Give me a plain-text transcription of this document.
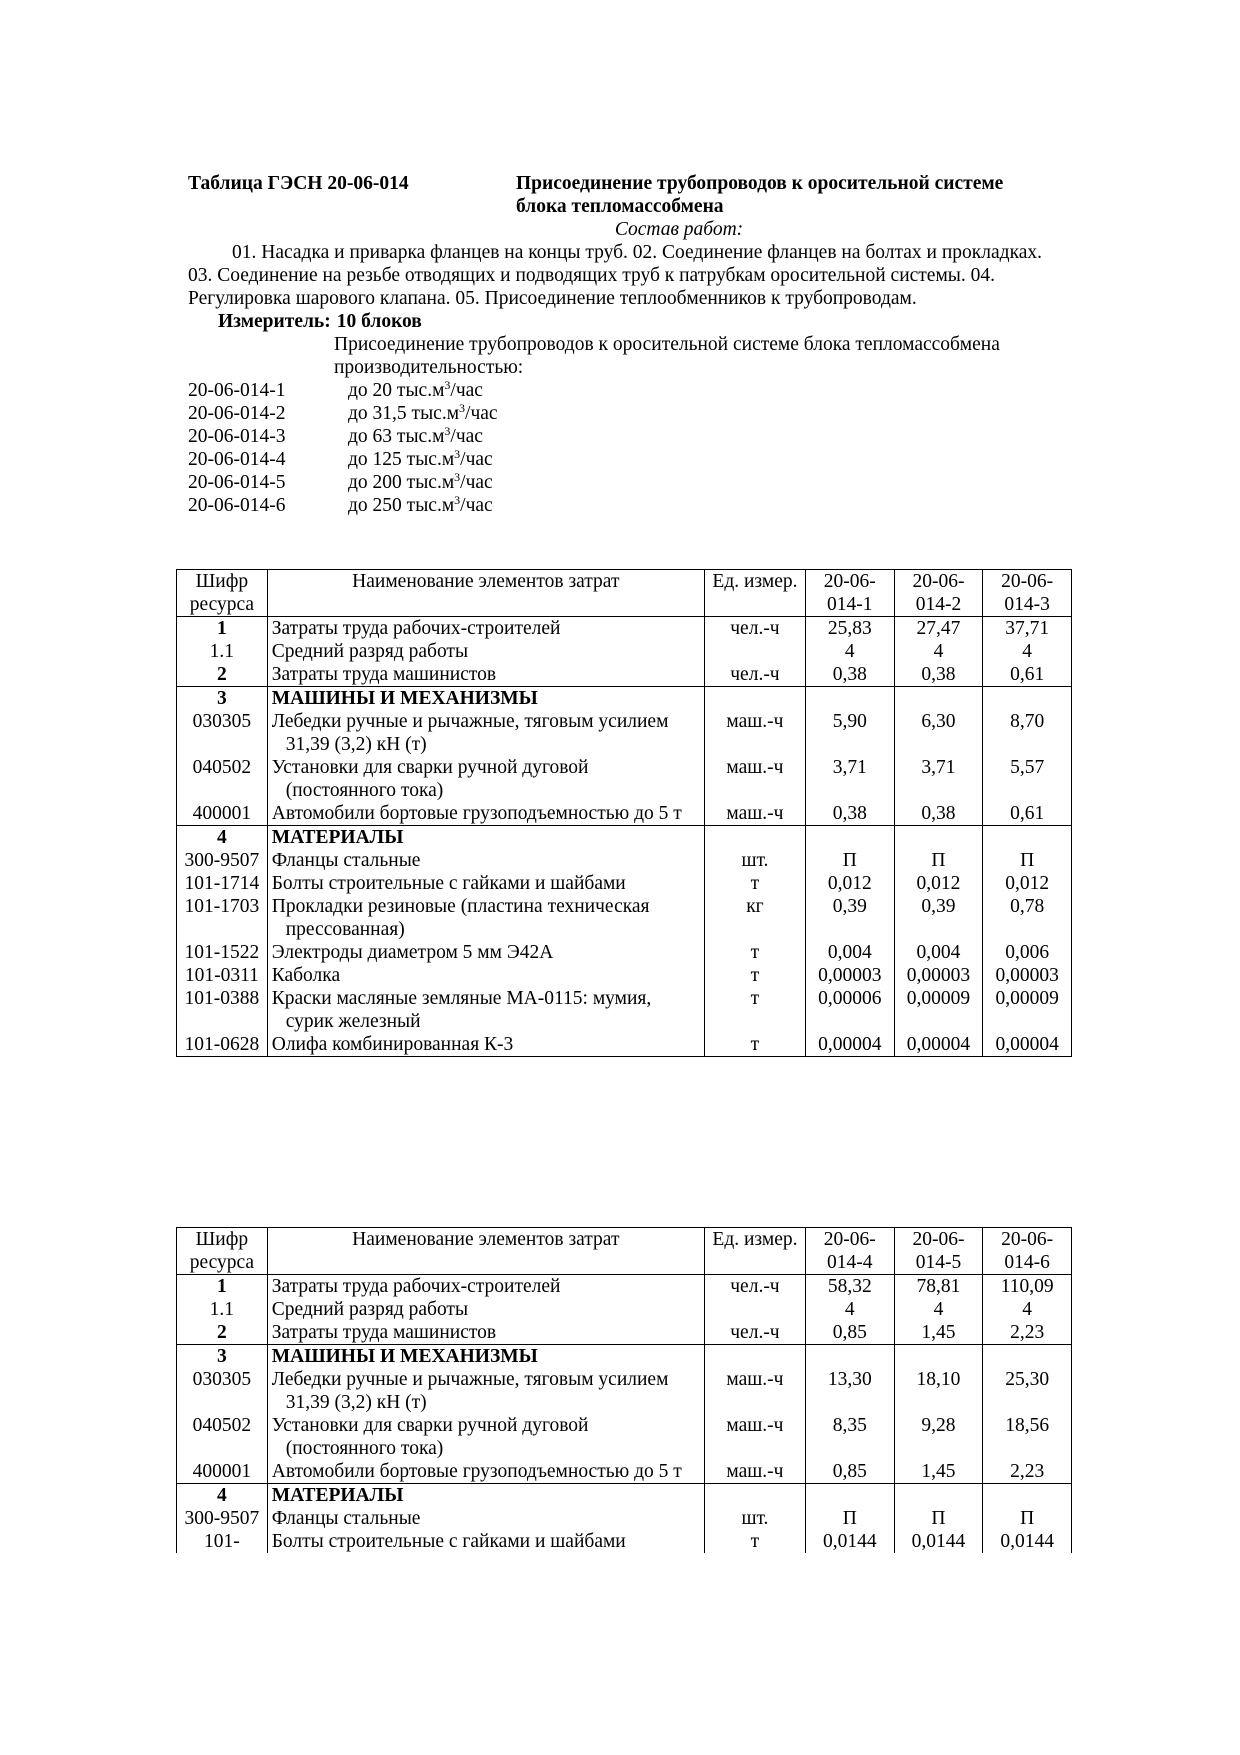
Таблица ГЭСН 20-06-014	Присоединение трубопроводов к оросительной системе блока тепломассобмена
Состав работ:

01. Насадка и приварка фланцев на концы труб. 02. Соединение фланцев на болтах и прокладках. 03. Соединение на резьбе отводящих и подводящих труб к патрубкам оросительной системы. 04. Регулировка шарового клапана. 05. Присоединение теплообменников к трубопроводам.

Измеритель: 10 блоков
Присоединение трубопроводов к оросительной системе блока тепломассобмена производительностью:
20-06-014-1	до 20 $тыс.м^3$/час
20-06-014-2	до 31,5 $тыс.м^3$/час
20-06-014-3	до 63 $тыс.м^3$/час
20-06-014-4	до 125 $тыс.м^3$/час
20-06-014-5	до 200 $тыс.м^3$/час
20-06-014-6	до 250 $тыс.м^3$/час
Шифр ресурса	Наименование элементов затрат	Ед. измер.	20-06-014-1	20-06-014-2	20-06-014-3
1	Затраты труда рабочих-строителей	чел.-ч	25,83	27,47	37,71
1.1	Средний разряд работы		4	4	4
2	Затраты труда машинистов	чел.-ч	0,38	0,38	0,61
3	МАШИНЫ И МЕХАНИЗМЫ				

030305	Лебедки ручные и рычажные, тяговым усилием 31,39 (3,2) кН (т)	маш.-ч	5,90	6,30	8,70
040502	Установки для сварки ручной дуговой (постоянного тока)	маш.-ч	3,71	3,71	5,57
400001	Автомобили бортовые грузоподъемностью до 5 т	маш.-ч	0,38	0,38	0,61
4	МАТЕРИАЛЫ				

300-9507	Фланцы стальные	шт.	П	П	П
101-1714	Болты строительные с гайками и шайбами	т	0,012	0,012	0,012
101-1703	Прокладки резиновые (пластина техническая прессованная)	кг	0,39	0,39	0,78
101-1522	Электроды диаметром 5 мм Э42А	т	0,004	0,004	0,006
101-0311	Каболка	т	0,00003	0,00003	0,00003
101-0388	Краски масляные земляные МА-0115: мумия, сурик железный	т	0,00006	0,00009	0,00009
101-0628	Олифа комбинированная К-3	т	0,00004	0,00004	0,00004
Шифр ресурса	Наименование элементов затрат	Ед. измер.	20-06-014-4	20-06-014-5	20-06-014-6
1	Затраты труда рабочих-строителей	чел.-ч	58,32	78,81	110,09
1.1	Средний разряд работы		4	4	4
2	Затраты труда машинистов	чел.-ч	0,85	1,45	2,23
3	МАШИНЫ И МЕХАНИЗМЫ				

030305	Лебедки ручные и рычажные, тяговым усилием 31,39 (3,2) кН (т)	маш.-ч	13,30	18,10	25,30
040502	Установки для сварки ручной дуговой (постоянного тока)	маш.-ч	8,35	9,28	18,56
400001	Автомобили бортовые грузоподъемностью до 5 т	маш.-ч	0,85	1,45	2,23
4	МАТЕРИАЛЫ				

300-9507	Фланцы стальные	шт.	П	П	П
101-	Болты строительные с гайками и шайбами	т	0,0144	0,0144	0,0144
